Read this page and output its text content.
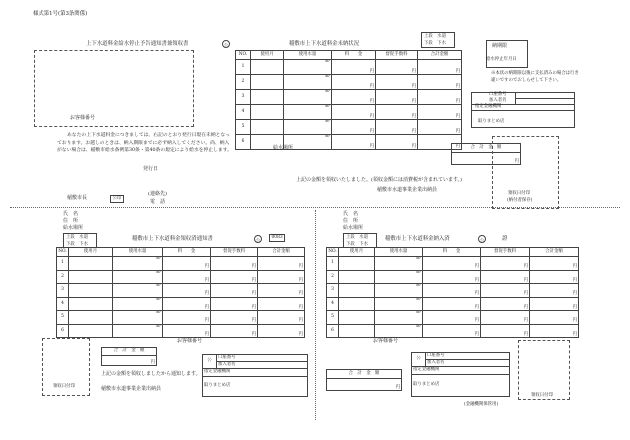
様式第1号(第3条関係)
上下水道料金給水停止予告通知書兼領収書	公
お客様番号
あなたの上下水道料金につきましては、右記のとおり発行日現在未納となっております。お越しのときは、納入期限までに必ず納入してください。尚、納入がない場合は、稲敷市給水条例第30条・第40条の規定により給水を停止します。
発行日
稲敷市長	公印
(連絡先)
電　話
稲敷市上下水道料金未納状況
上段　水道
下段　下水
NO.	使用月	使用水量	料　　金	督促手数料	合計金額
1		m³	円	円	円
2		m³	円	円	円
3		m³	円	円	円
4		m³	円	円	円
5		m³	円	円	円
6		m³	円	円	円
給水場所	合　計　金　額
円
上記の金額を領収いたしました。(領収金額には消費税が含まれています。)
稲敷市水道事業企業出納員
納期限
給水停止年月日
※本状の納期限以後に支払済みの場合は行き違いですのでおしらせして下さい。

口座番号
加入者名
指定金融機関
取りまとめ店
領収日付印
(納付者保存)
氏　名
住　所
給水場所
上段　水道
下段　下水
稲敷市上下水道料金領収済通知書	公	0083
NO.	使用月	使用水量	料　　金	督促手数料	合計金額
1		m³	円	円	円
2		m³	円	円	円
3		m³	円	円	円
4		m³	円	円	円
5		m³	円	円	円
6		m³	円	円	円
お客様番号
領収日付印
合　計　金　額
円
上記の金額を領収しましたから通知します。
稲敷市水道事業企業出納員
公	口座番号
加入者名
指定金融機関
取りまとめ店
氏　名
住　所
給水場所
上段　水道
下段　下水
稲敷市上下水道料金納入済	公	證
NO.	使用月	使用水量	料　　金	督促手数料	合計金額
1		m³	円	円	円
2		m³	円	円	円
3		m³	円	円	円
4		m³	円	円	円
5		m³	円	円	円
6		m³	円	円	円
お客様番号
合　計　金　額
円
公	口座番号
加入者名
指定金融機関
取りまとめ店
領収日付印
(金融機関保管用)
